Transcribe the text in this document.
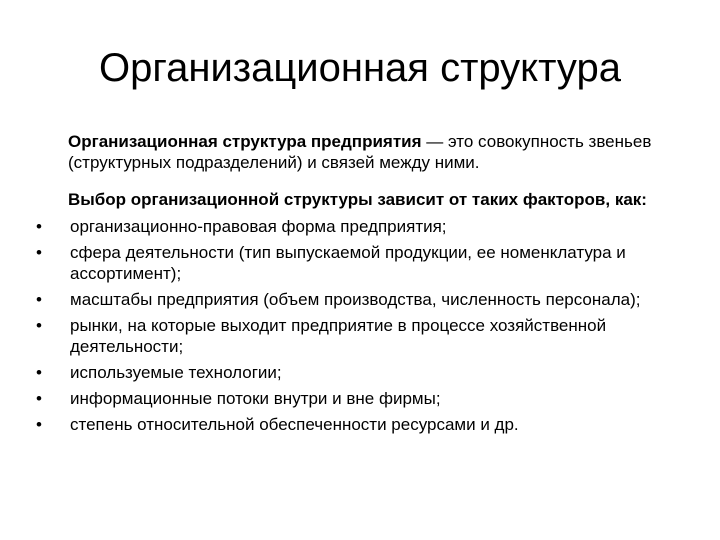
Организационная структура

Организационная структура предприятия — это совокупность звеньев (структурных подразделений) и связей между ними.

Выбор организационной структуры зависит от таких факторов, как:

• организационно-правовая форма предприятия;
• сфера деятельности (тип выпускаемой продукции, ее номенклатура и ассортимент);
• масштабы предприятия (объем производства, численность персонала);
• рынки, на которые выходит предприятие в процессе хозяйственной деятельности;
• используемые технологии;
• информационные потоки внутри и вне фирмы;
• степень относительной обеспеченности ресурсами и др.
